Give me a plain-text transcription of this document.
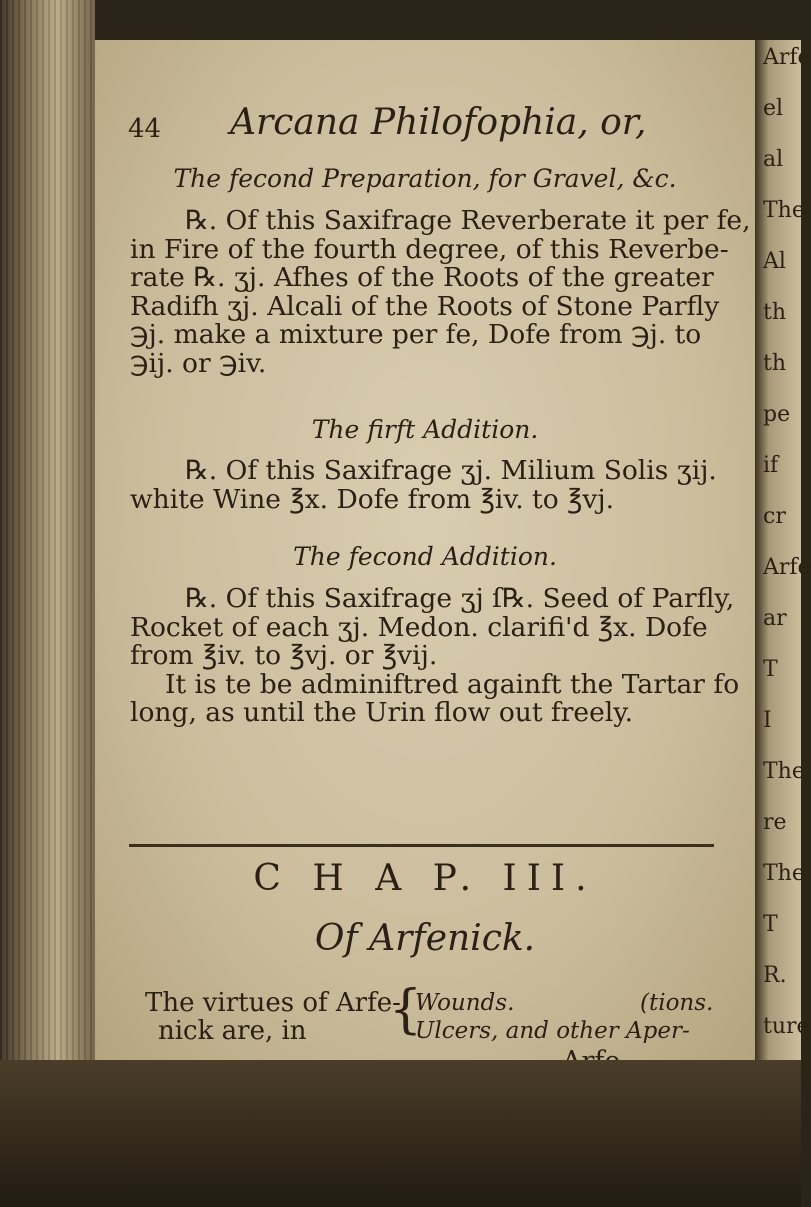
44 Arcana Philofophia, or,
The fecond Preparation, for Gravel, &c.
℞. Of this Saxifrage Reverberate it per fe,
in Fire of the fourth degree, of this Reverbe-
rate ℞. ʒj. Afhes of the Roots of the greater
Radifh ʒj. Alcali of the Roots of Stone Parfly
℈j. make a mixture per fe, Dofe from ℈j. to
℈ij. or ℈iv.
The firft Addition.
℞. Of this Saxifrage ʒj. Milium Solis ʒij.
white Wine ℥x. Dofe from ℥iv. to ℥vj.
The fecond Addition.
℞. Of this Saxifrage ʒj ſ℞. Seed of Parfly,
Rocket of each ʒj. Medon. clarifi'd ℥x. Dofe
from ℥iv. to ℥vj. or ℥vij.
It is te be adminiftred againft the Tartar fo
long, as until the Urin flow out freely.
C H A P. III.
Of Arfenick.
The virtues of Arfe-
nick are, in {
Wounds.
Ulcers, and other Aper-
(tions.
Arfe
el
al
The
Al
th
th
pe
if
cr
Arfe
ar
T
I
The
re
The
T
R.
ture
